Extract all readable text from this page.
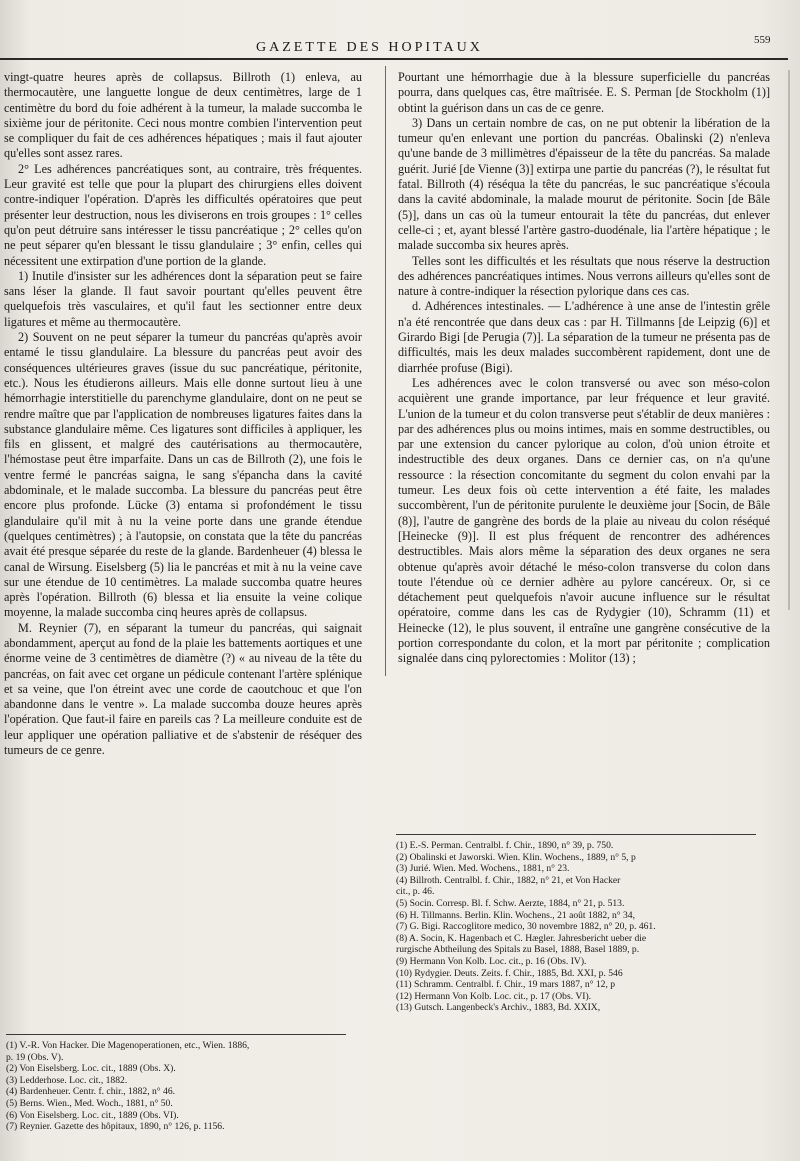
GAZETTE DES HOPITAUX	559

vingt-quatre heures après de collapsus. Billroth (1) enleva, au thermocautère, une languette longue de deux centimètres, large de 1 centimètre du bord du foie adhérent à la tumeur, la malade succomba le sixième jour de péritonite. Ceci nous montre combien l'intervention peut se compliquer du fait de ces adhérences hépatiques ; mais il faut ajouter qu'elles sont assez rares.

2° Les adhérences pancréatiques sont, au contraire, très fréquentes. Leur gravité est telle que pour la plupart des chirurgiens elles doivent contre-indiquer l'opération. D'après les difficultés opératoires que peut présenter leur destruction, nous les diviserons en trois groupes : 1° celles qu'on peut détruire sans intéresser le tissu pancréatique ; 2° celles qu'on ne peut séparer qu'en blessant le tissu glandulaire ; 3° enfin, celles qui nécessitent une extirpation d'une portion de la glande.

1) Inutile d'insister sur les adhérences dont la séparation peut se faire sans léser la glande. Il faut savoir pourtant qu'elles peuvent être quelquefois très vasculaires, et qu'il faut les sectionner entre deux ligatures et même au thermocautère.

2) Souvent on ne peut séparer la tumeur du pancréas qu'après avoir entamé le tissu glandulaire. La blessure du pancréas peut avoir des conséquences ultérieures graves (issue du suc pancréatique, péritonite, etc.). Nous les étudierons ailleurs. Mais elle donne surtout lieu à une hémorrhagie interstitielle du parenchyme glandulaire, dont on ne peut se rendre maître que par l'application de nombreuses ligatures faites dans la substance glandulaire même. Ces ligatures sont difficiles à appliquer, les fils en glissent, et malgré des cautérisations au thermocautère, l'hémostase peut être imparfaite. Dans un cas de Billroth (2), une fois le ventre fermé le pancréas saigna, le sang s'épancha dans la cavité abdominale, et le malade succomba. La blessure du pancréas peut être encore plus profonde. Lücke (3) entama si profondément le tissu glandulaire qu'il mit à nu la veine porte dans une grande étendue (quelques centimètres) ; à l'autopsie, on constata que la tête du pancréas avait été presque séparée du reste de la glande. Bardenheuer (4) blessa le canal de Wirsung. Eiselsberg (5) lia le pancréas et mit à nu la veine cave sur une étendue de 10 centimètres. La malade succomba quatre heures après l'opération. Billroth (6) blessa et lia ensuite la veine colique moyenne, la malade succomba cinq heures après de collapsus.

M. Reynier (7), en séparant la tumeur du pancréas, qui saignait abondamment, aperçut au fond de la plaie les battements aortiques et une énorme veine de 3 centimètres de diamètre (?) « au niveau de la tête du pancréas, on fait avec cet organe un pédicule contenant l'artère splénique et sa veine, que l'on étreint avec une corde de caoutchouc et que l'on abandonne dans le ventre ». La malade succomba douze heures après l'opération. Que faut-il faire en pareils cas ? La meilleure conduite est de leur appliquer une opération palliative et de s'abstenir de réséquer des tumeurs de ce genre.

Pourtant une hémorrhagie due à la blessure superficielle du pancréas pourra, dans quelques cas, être maîtrisée. E. S. Perman [de Stockholm (1)] obtint la guérison dans un cas de ce genre.

3) Dans un certain nombre de cas, on ne put obtenir la libération de la tumeur qu'en enlevant une portion du pancréas. Obalinski (2) n'enleva qu'une bande de 3 millimètres d'épaisseur de la tête du pancréas. Sa malade guérit. Jurié [de Vienne (3)] extirpa une partie du pancréas (?), le résultat fut fatal. Billroth (4) réséqua la tête du pancréas, le suc pancréatique s'écoula dans la cavité abdominale, la malade mourut de péritonite. Socin [de Bâle (5)], dans un cas où la tumeur entourait la tête du pancréas, dut enlever celle-ci ; et, ayant blessé l'artère gastro-duodénale, lia l'artère hépatique ; le malade succomba six heures après.

Telles sont les difficultés et les résultats que nous réserve la destruction des adhérences pancréatiques intimes. Nous verrons ailleurs qu'elles sont de nature à contre-indiquer la résection pylorique dans ces cas.

d. Adhérences intestinales. — L'adhérence à une anse de l'intestin grêle n'a été rencontrée que dans deux cas : par H. Tillmanns [de Leipzig (6)] et Girardo Bigi [de Perugia (7)]. La séparation de la tumeur ne présenta pas de difficultés, mais les deux malades succombèrent rapidement, dont une de diarrhée profuse (Bigi).

Les adhérences avec le colon transversé ou avec son méso-colon acquièrent une grande importance, par leur fréquence et leur gravité. L'union de la tumeur et du colon transverse peut s'établir de deux manières : par des adhérences plus ou moins intimes, mais en somme destructibles, ou par une extension du cancer pylorique au colon, d'où union étroite et indestructible des deux organes. Dans ce dernier cas, on n'a qu'une ressource : la résection concomitante du segment du colon envahi par la tumeur. Les deux fois où cette intervention a été faite, les malades succombèrent, l'un de péritonite purulente le deuxième jour [Socin, de Bâle (8)], l'autre de gangrène des bords de la plaie au niveau du colon réséqué [Heinecke (9)]. Il est plus fréquent de rencontrer des adhérences destructibles. Mais alors même la séparation des deux organes ne sera obtenue qu'après avoir détaché le méso-colon transverse du colon dans toute l'étendue où ce dernier adhère au pylore cancéreux. Or, si ce détachement peut quelquefois n'avoir aucune influence sur le résultat opératoire, comme dans les cas de Rydygier (10), Schramm (11) et Heinecke (12), le plus souvent, il entraîne une gangrène consécutive de la portion correspondante du colon, et la mort par péritonite ; complication signalée dans cinq pylorectomies : Molitor (13) ;

(1) V.-R. Von Hacker. Die Magenoperationen, etc., Wien. 1886,
p. 19 (Obs. V).
(2) Von Eiselsberg. Loc. cit., 1889 (Obs. X).
(3) Ledderhose. Loc. cit., 1882.
(4) Bardenheuer. Centr. f. chir., 1882, n° 46.
(5) Berns. Wien., Med. Woch., 1881, n° 50.
(6) Von Eiselsberg. Loc. cit., 1889 (Obs. VI).
(7) Reynier. Gazette des hôpitaux, 1890, n° 126, p. 1156.
(1) E.-S. Perman. Centralbl. f. Chir., 1890, n° 39, p. 750.
(2) Obalinski et Jaworski. Wien. Klin. Wochens., 1889, n° 5, p
(3) Jurié. Wien. Med. Wochens., 1881, n° 23.
(4) Billroth. Centralbl. f. Chir., 1882, n° 21, et Von Hacker
cit., p. 46.
(5) Socin. Corresp. Bl. f. Schw. Aerzte, 1884, n° 21, p. 513.
(6) H. Tillmanns. Berlin. Klin. Wochens., 21 août 1882, n° 34,
(7) G. Bigi. Raccoglitore medico, 30 novembre 1882, n° 20, p. 461.
(8) A. Socin, K. Hagenbach et C. Hægler. Jahresbericht ueber die
rurgische Abtheilung des Spitals zu Basel, 1888, Basel 1889, p.
(9) Hermann Von Kolb. Loc. cit., p. 16 (Obs. IV).
(10) Rydygier. Deuts. Zeits. f. Chir., 1885, Bd. XXI, p. 546
(11) Schramm. Centralbl. f. Chir., 19 mars 1887, n° 12, p
(12) Hermann Von Kolb. Loc. cit., p. 17 (Obs. VI).
(13) Gutsch. Langenbeck's Archiv., 1883, Bd. XXIX,
